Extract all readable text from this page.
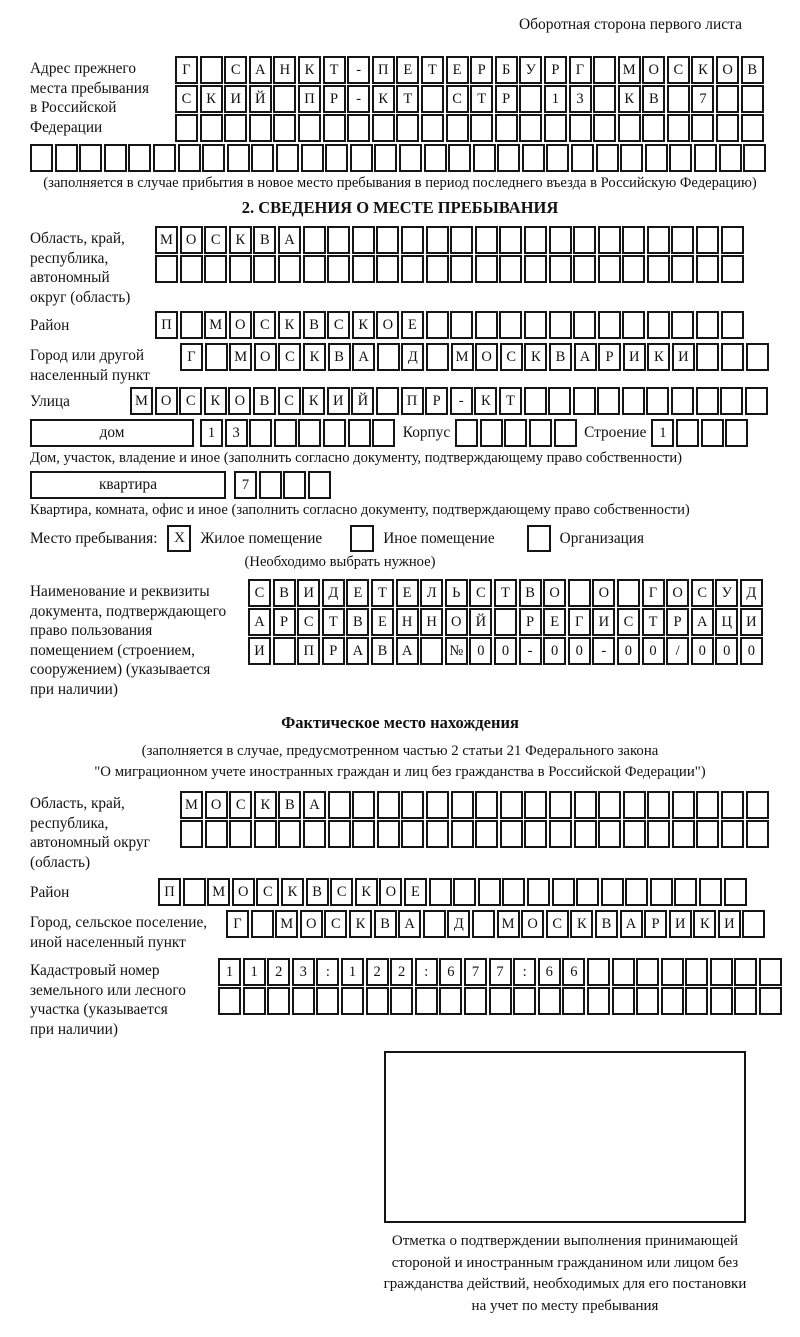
Оборотная сторона первого листа
Адрес прежнего
места пребывания
в Российской
Федерации
Г	С	А Н	К	Т	-	П	Е	Т	Е	Р	Б	У	Р	Г	М О	С	К	О	В
С	К	И Й	П	Р	-	К	Т	С	Т	Р	1	3	К	В	7
(заполняется в случае прибытия в новое место пребывания в период последнего въезда в Российскую Федерацию)
2. СВЕДЕНИЯ О МЕСТЕ ПРЕБЫВАНИЯ
Область, край,
республика,
автономный
округ (область)
М О	С	К	В	А
Район	П	М О	С	К	В	С	К	О	Е
Город или другой
населенный пункт
Г	М О	С	К	В	А	Д	М О	С	К	В	А	Р	И	К	И
Улица	М О	С	К	О	В	С	К	И Й	П	Р	-	К	Т
дом	1	3	Корпус	Строение 1
Дом, участок, владение и иное (заполнить согласно документу, подтверждающему право собственности)
квартира	7
Квартира, комната, офис и иное (заполнить согласно документу, подтверждающему право собственности)
Место пребывания:	X	Жилое помещение	Иное помещение	Организация
(Необходимо выбрать нужное)
Наименование и реквизиты
документа, подтверждающего
право пользования
помещением (строением,
сооружением) (указывается
при наличии)
С	В	И Д	Е	Т	Е	Л	Ь	С	Т	В	О	О	Г	О	С	У	Д
А	Р	С	Т	В	Е	Н Н О Й	Р	Е	Г	И	С	Т	Р	А Ц И
И	П	Р	А	В	А	№ 0	0	-	0	0	-	0	0	/	0	0	0
Фактическое место нахождения
(заполняется в случае, предусмотренном частью 2 статьи 21 Федерального закона
"О миграционном учете иностранных граждан и лиц без гражданства в Российской Федерации")
Область, край,
республика,
автономный округ
(область)
М О	С	К	В	А
Район	П	М О	С	К	В	С	К	О	Е
Город, сельское поселение,
иной населенный пункт
Г	М О	С	К	В	А	Д	М О	С	К	В	А	Р	И	К	И
Кадастровый номер
земельного или лесного
участка (указывается
при наличии)
1	1	2	3	:	1	2	2	:	6	7	7	:	6	6
Отметка о подтверждении выполнения принимающей
стороной и иностранным гражданином или лицом без
гражданства действий, необходимых для его постановки
на учет по месту пребывания
